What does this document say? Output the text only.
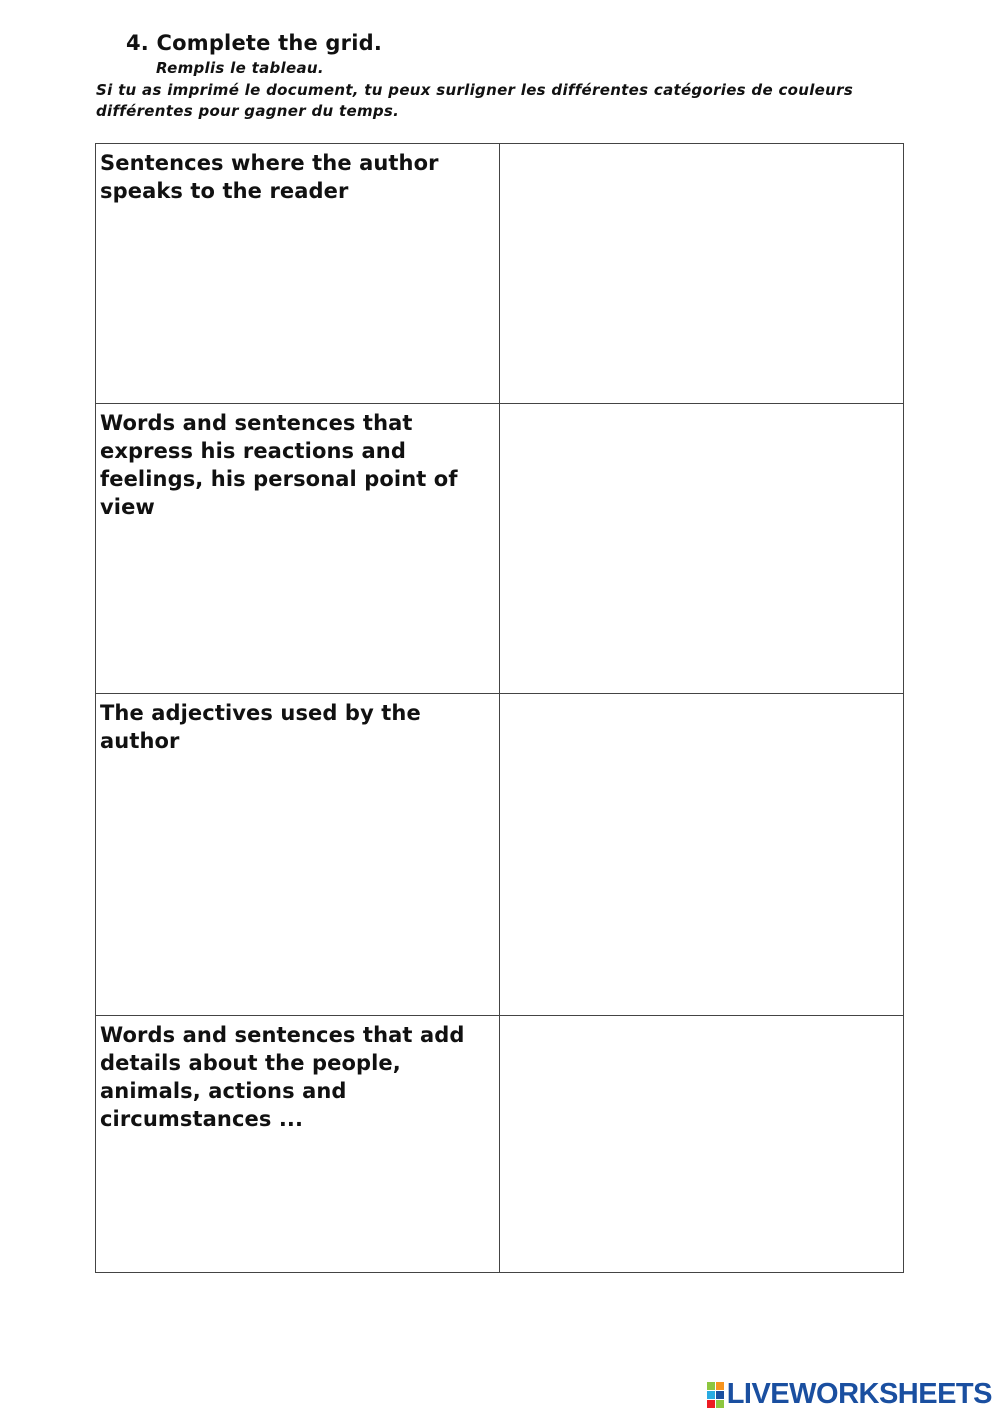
4. Complete the grid.
Remplis le tableau.
Si tu as imprimé le document, tu peux surligner les différentes catégories de couleurs différentes pour gagner du temps.
Sentences where the author speaks to the reader
Words and sentences that express his reactions and feelings, his personal point of view
The adjectives used by the author
Words and sentences that add details about the people, animals, actions and circumstances ...
LIVEWORKSHEETS
